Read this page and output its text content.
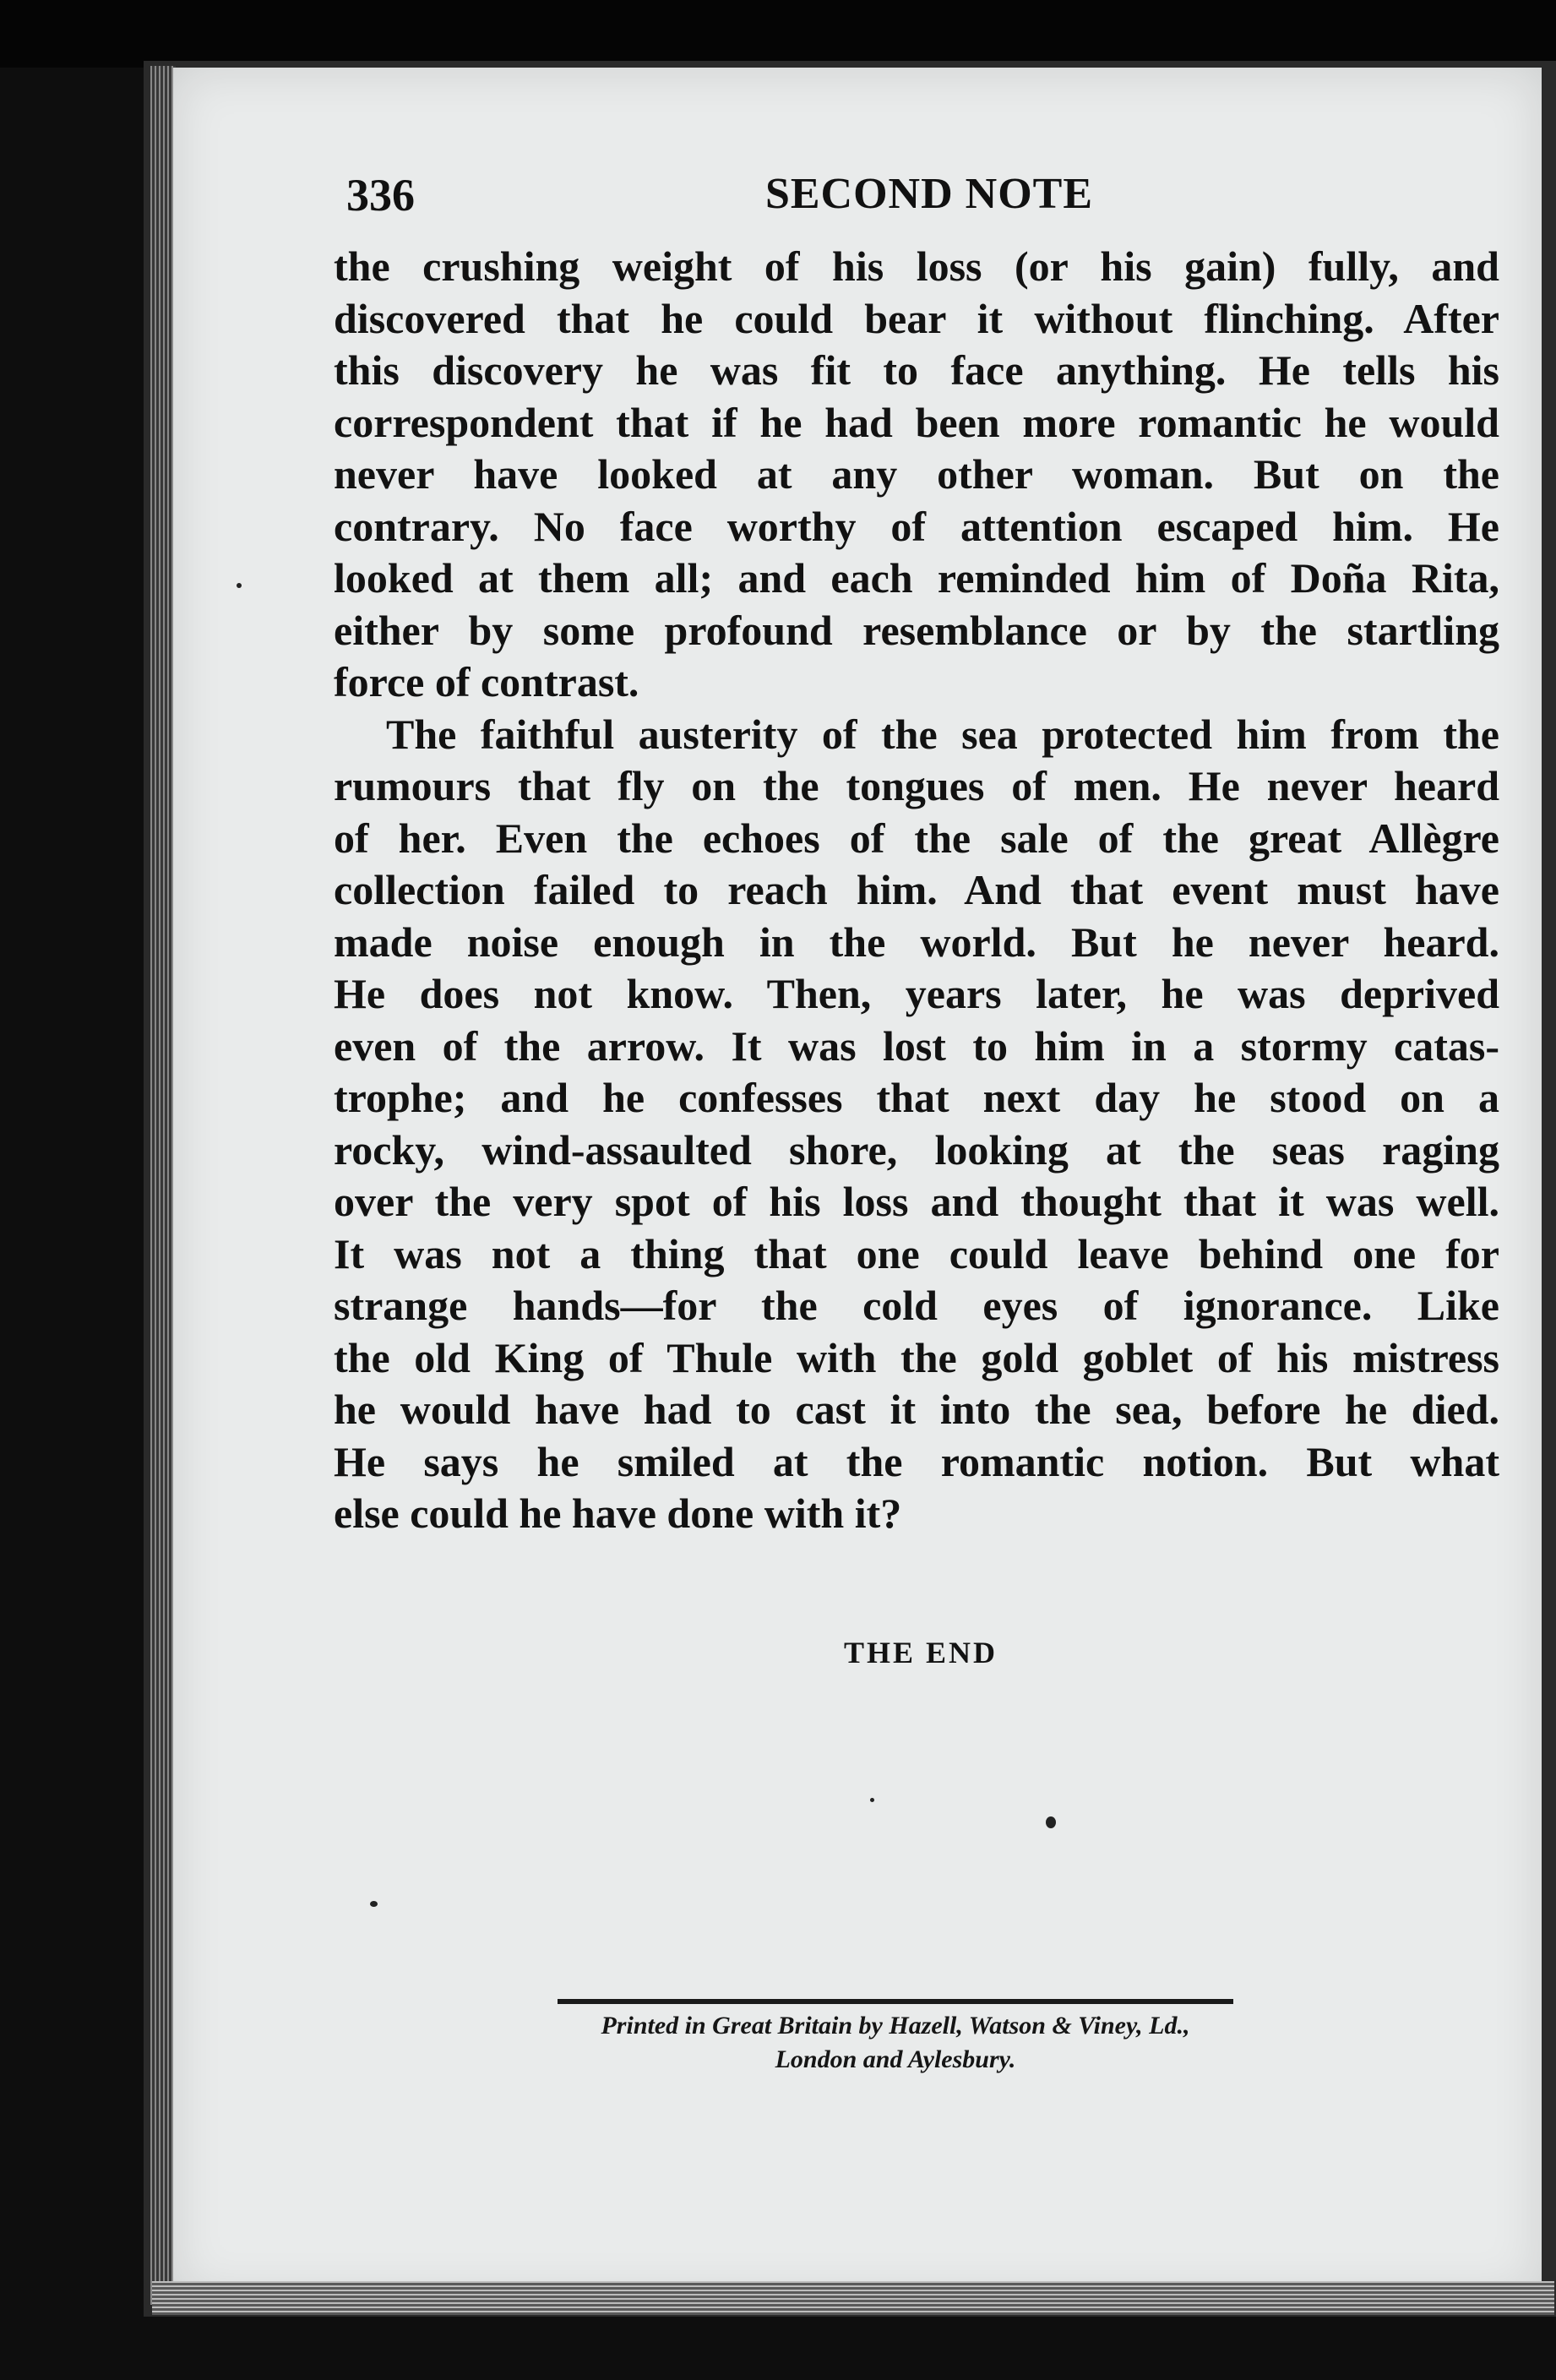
336	SECOND NOTE
the crushing weight of his loss (or his gain) fully, and
discovered that he could bear it without flinching. After
this discovery he was fit to face anything. He tells his
correspondent that if he had been more romantic he would
never have looked at any other woman. But on the
contrary. No face worthy of attention escaped him. He
looked at them all; and each reminded him of Doña Rita,
either by some profound resemblance or by the startling
force of contrast.
The faithful austerity of the sea protected him from the
rumours that fly on the tongues of men. He never heard
of her. Even the echoes of the sale of the great Allègre
collection failed to reach him. And that event must have
made noise enough in the world. But he never heard.
He does not know. Then, years later, he was deprived
even of the arrow. It was lost to him in a stormy catas-
trophe; and he confesses that next day he stood on a
rocky, wind-assaulted shore, looking at the seas raging
over the very spot of his loss and thought that it was well.
It was not a thing that one could leave behind one for
strange hands—for the cold eyes of ignorance. Like
the old King of Thule with the gold goblet of his mistress
he would have had to cast it into the sea, before he died.
He says he smiled at the romantic notion. But what
else could he have done with it?
THE END
Printed in Great Britain by Hazell, Watson & Viney, Ld.,
London and Aylesbury.
